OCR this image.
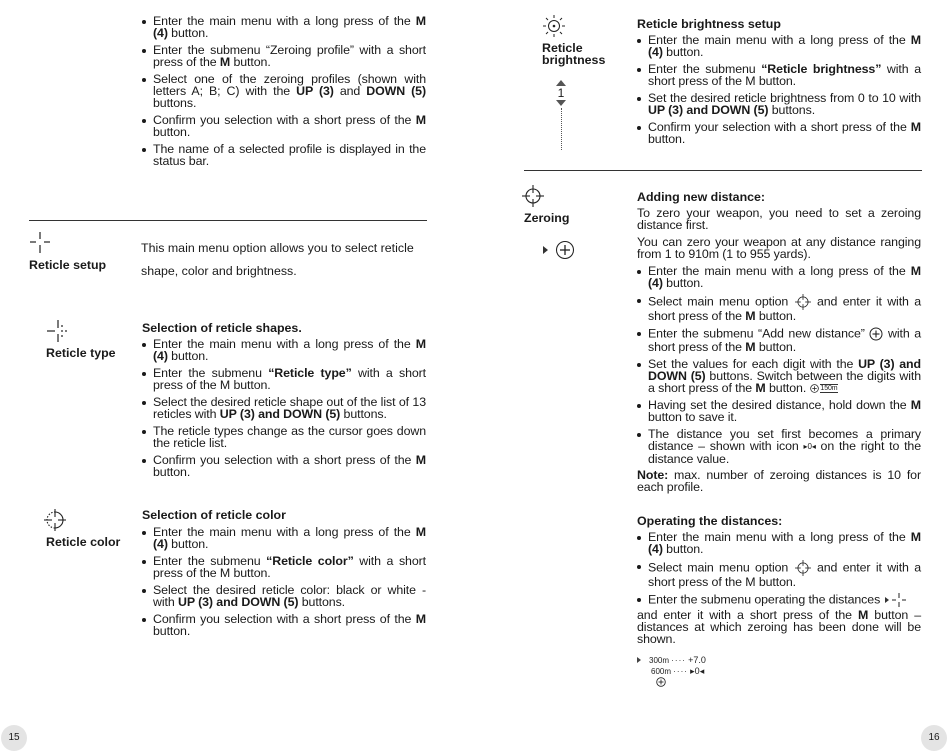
Enter the main menu with a long press of the M (4) button.
Enter the submenu “Zeroing profile” with a short press of the M button.
Select one of the zeroing profiles (shown with letters A; B; C) with the UP (3) and DOWN (5) buttons.
Confirm you selection with a short press of the M button.
The name of a selected profile is displayed in the status bar.
Reticle setup
This main menu option allows you to select reticle
shape, color and brightness.
Reticle type
Selection of reticle shapes.
Enter the main menu with a long press of the M (4) button.
Enter the submenu “Reticle type” with a short press of the M button.
Select the desired reticle shape out of the list of 13 reticles with UP (3) and DOWN (5) buttons.
The reticle types change as the cursor goes down the reticle list.
Confirm you selection with a short press of the M button.
Reticle color
Selection of reticle color
Enter the main menu with a long press of the M (4) button.
Enter the submenu “Reticle color” with a short press of the M button.
Select the desired reticle color: black or white - with UP (3) and DOWN (5) buttons.
Confirm you selection with a short press of the M button.
15
Reticle
brightness
1
Reticle brightness setup
Enter the main menu with a long press of the M (4) button.
Enter the submenu “Reticle brightness” with a short press of the M button.
Set the desired reticle brightness from 0 to 10 with UP (3) and DOWN (5) buttons.
Confirm your selection with a short press of the M button.
Zeroing
Adding new distance:
To zero your weapon, you need to set a zeroing distance first.
You can zero your weapon at any distance ranging from 1 to 910m (1 to 955 yards).
Enter the main menu with a long press of the M (4) button.
Select main menu option  and enter it with a short press of the M button.
Enter the submenu “Add new distance”  with a short press of the M button.
Set the values for each digit with the UP (3) and DOWN (5) buttons. Switch between the digits with a short press of the M button. 150m
Having set the desired distance, hold down the M button to save it.
The distance you set first becomes a primary distance – shown with icon ▸0◂ on the right to the distance value.
Note: max. number of zeroing distances is 10 for each profile.
Operating the distances:
Enter the main menu with a long press of the M (4) button.
Select main menu option  and enter it with a short press of the M button.
Enter the submenu operating the distances
and enter it with a short press of the M button – distances at which zeroing has been done will be shown.
300m ···· +7.0
600m ···· ▸0◂
16
